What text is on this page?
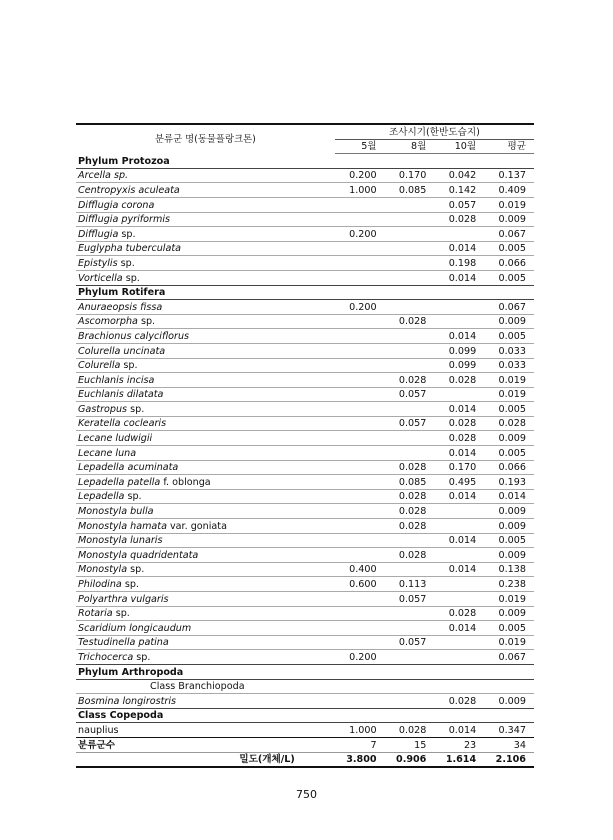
분류군 명(동물플랑크톤)	조사시기(한반도습지)			
	5월	8월	10월	평균
Phylum Protozoa				
Arcella sp.	0.200	0.170	0.042	0.137
Centropyxis aculeata	1.000	0.085	0.142	0.409
Difflugia corona			0.057	0.019
Difflugia pyriformis			0.028	0.009
Difflugia sp.	0.200			0.067
Euglypha tuberculata			0.014	0.005
Epistylis sp.			0.198	0.066
Vorticella sp.			0.014	0.005
Phylum Rotifera				
Anuraeopsis fissa	0.200			0.067
Ascomorpha sp.		0.028		0.009
Brachionus calyciflorus			0.014	0.005
Colurella uncinata			0.099	0.033
Colurella sp.			0.099	0.033
Euchlanis incisa		0.028	0.028	0.019
Euchlanis dilatata		0.057		0.019
Gastropus sp.			0.014	0.005
Keratella coclearis		0.057	0.028	0.028
Lecane ludwigii			0.028	0.009
Lecane luna			0.014	0.005
Lepadella acuminata		0.028	0.170	0.066
Lepadella patella f. oblonga		0.085	0.495	0.193
Lepadella sp.		0.028	0.014	0.014
Monostyla bulla		0.028		0.009
Monostyla hamata var. goniata		0.028		0.009
Monostyla lunaris			0.014	0.005
Monostyla quadridentata		0.028		0.009
Monostyla sp.	0.400		0.014	0.138
Philodina sp.	0.600	0.113		0.238
Polyarthra vulgaris		0.057		0.019
Rotaria sp.			0.028	0.009
Scaridium longicaudum			0.014	0.005
Testudinella patina		0.057		0.019
Trichocerca sp.	0.200			0.067
Phylum Arthropoda				
Class Branchiopoda				
Bosmina longirostris			0.028	0.009
Class Copepoda				
nauplius	1.000	0.028	0.014	0.347
분류군수	7	15	23	34
밀도(개체/L)	3.800	0.906	1.614	2.106
750
